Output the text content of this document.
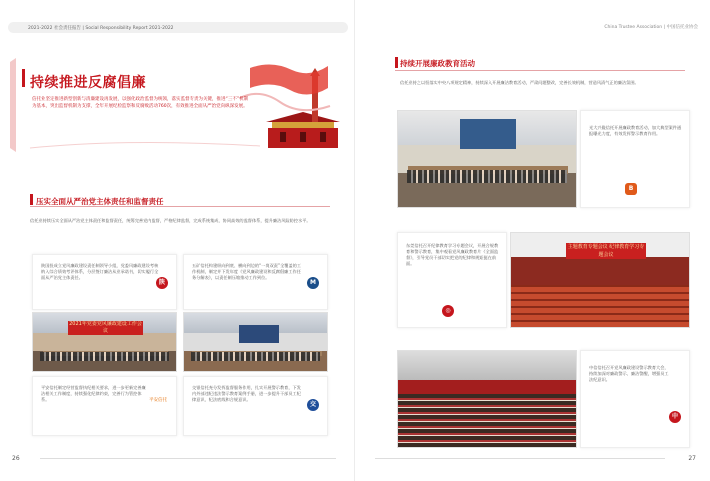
2021-2022 社会责任报告 | Social Responsibility Report 2021-2022
持续推进反腐倡廉
信托业坚定推进新型创新与清廉建设再发展，以强化政治监督为统领，落实监督专责为关键，推进“三不”机制为基本，突出监督机制为支撑，全年开展纪检监察和反腐败活动760次，有效推进全面从严治党向纵深发展。
压实全面从严治党主体责任和监督责任
信托业持续压实全面从严治党主体责任和监督责任，统筹完善党内监督，严格纪律监督，完成系统集成、协同高效的监督体系，提升廉洁风险防控水平。
陕国投成立党风廉政建设责任制领导小组，党委风廉政建设考核纳入综合绩效考评体系，分层签订廉洁从业承诺书，切实履行全面从严治党主体责任。
陕
五矿信托构建纵向到底、横向到边的“一岗双责”全覆盖的工作机制，制定并下发年度《党风廉政建设和反腐倡廉工作任务分解表》，以责任制压缩推动工作到位。
M
2021年党委党风廉政建设工作会议
平安信托制定经营监督执纪相关要求，进一步更新完善廉洁相关工作制度，持续强化纪律约束，完善行为管控体系。	平安信托
交银信托充分发挥监督服务作用，扎实开展警示教育，下发内外部违纪违法警示教育案例手册，进一步提升干部员工纪律意识、纪法底线和合规意识。
交
26
China Trustee Association | 中国信托业协会
持续开展廉政教育活动
信托业持之以恒落实中央八项规定精神，持续深入开展廉洁教育活动，严肃问题整改，完善长效机制，营造风清气正的廉洁氛围。
光大兴陇信托开展廉政教育活动，加大典型案件通报曝光力度，有效发挥警示教育作用。
B
东莞信托召开纪律教育学习专题会议，开展合规教育和警示教育，集中观看党风廉政教育片《全面监督》，引导党员干部切实把党的纪律和规矩挺在前面。
◎
主题教育专题会议 纪律教育学习专题会议
中信信托召开党风廉政建设警示教育大会，持续加深对廉政警示、廉洁警醒，增强员工法纪意识。
中
27
